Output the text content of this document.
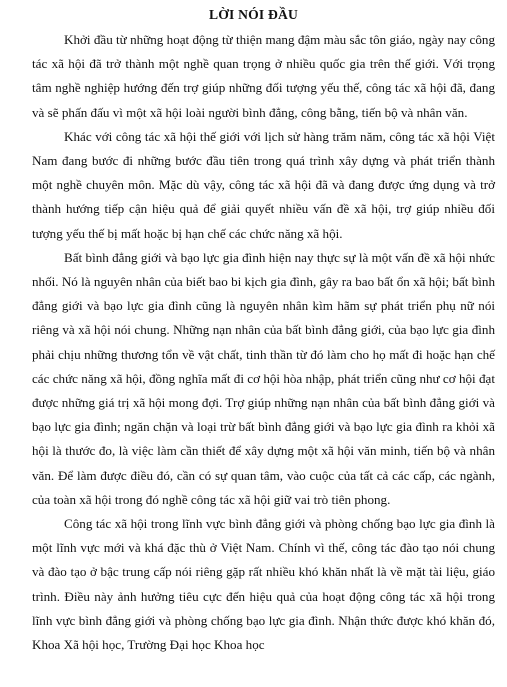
LỜI NÓI ĐẦU

Khởi đầu từ những hoạt động từ thiện mang đậm màu sắc tôn giáo, ngày nay công tác xã hội đã trở thành một nghề quan trọng ở nhiều quốc gia trên thế giới. Với trọng tâm nghề nghiệp hướng đến trợ giúp những đối tượng yếu thế, công tác xã hội đã, đang và sẽ phấn đấu vì một xã hội loài người bình đẳng, công bằng, tiến bộ và nhân văn.

Khác với công tác xã hội thế giới với lịch sử hàng trăm năm, công tác xã hội Việt Nam đang bước đi những bước đầu tiên trong quá trình xây dựng và phát triển thành một nghề chuyên môn. Mặc dù vậy, công tác xã hội đã và đang được ứng dụng và trở thành hướng tiếp cận hiệu quả để giải quyết nhiều vấn đề xã hội, trợ giúp nhiều đối tượng yếu thế bị mất hoặc bị hạn chế các chức năng xã hội.

Bất bình đẳng giới và bạo lực gia đình hiện nay thực sự là một vấn đề xã hội nhức nhối. Nó là nguyên nhân của biết bao bi kịch gia đình, gây ra bao bất ổn xã hội; bất bình đẳng giới và bạo lực gia đình cũng là nguyên nhân kìm hãm sự phát triển phụ nữ nói riêng và xã hội nói chung. Những nạn nhân của bất bình đẳng giới, của bạo lực gia đình phải chịu những thương tổn về vật chất, tinh thần từ đó làm cho họ mất đi hoặc hạn chế các chức năng xã hội, đồng nghĩa mất đi cơ hội hòa nhập, phát triển cũng như cơ hội đạt được những giá trị xã hội mong đợi. Trợ giúp những nạn nhân của bất bình đẳng giới và bạo lực gia đình; ngăn chặn và loại trừ bất bình đẳng giới và bạo lực gia đình ra khỏi xã hội là thước đo, là việc làm cần thiết để xây dựng một xã hội văn minh, tiến bộ và nhân văn. Để làm được điều đó, cần có sự quan tâm, vào cuộc của tất cả các cấp, các ngành, của toàn xã hội trong đó nghề công tác xã hội giữ vai trò tiên phong.

Công tác xã hội trong lĩnh vực bình đẳng giới và phòng chống bạo lực gia đình là một lĩnh vực mới và khá đặc thù ở Việt Nam. Chính vì thế, công tác đào tạo nói chung và đào tạo ở bậc trung cấp nói riêng gặp rất nhiều khó khăn nhất là về mặt tài liệu, giáo trình. Điều này ảnh hưởng tiêu cực đến hiệu quả của hoạt động công tác xã hội trong lĩnh vực bình đẳng giới và phòng chống bạo lực gia đình. Nhận thức được khó khăn đó, Khoa Xã hội học, Trường Đại học Khoa học
